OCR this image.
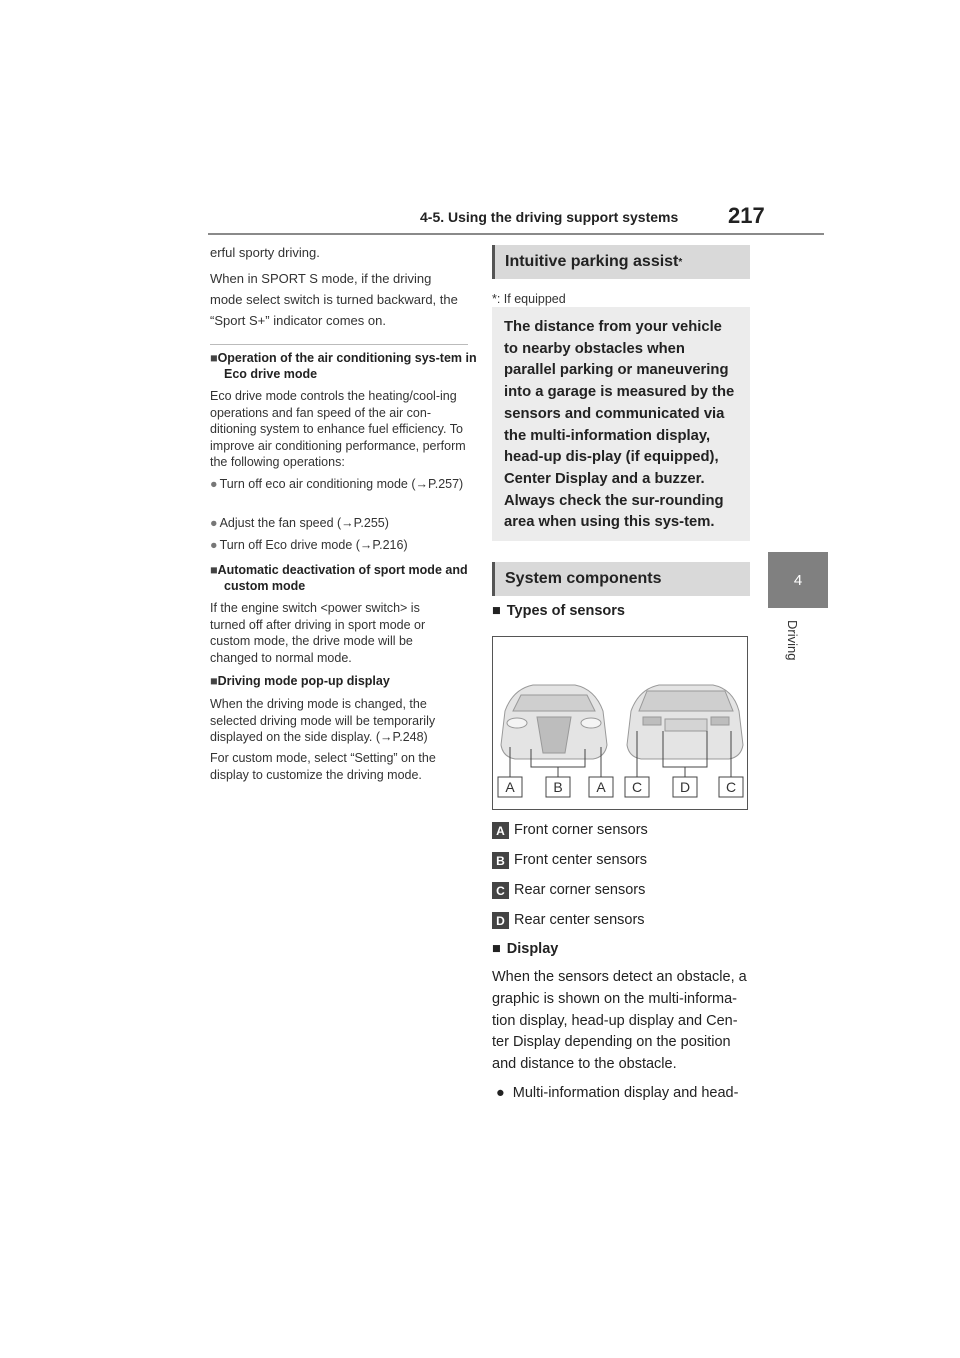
4-5. Using the driving support systems 217
4
Driving

erful sporty driving.

When in SPORT S mode, if the driving mode select switch is turned backward, the “Sport S+” indicator comes on.

■Operation of the air conditioning sys-tem in Eco drive mode

Eco drive mode controls the heating/cool-ing operations and fan speed of the air con-ditioning system to enhance fuel efficiency. To improve air conditioning performance, perform the following operations:

● Turn off eco air conditioning mode (→P.257)
● Adjust the fan speed (→P.255)
● Turn off Eco drive mode (→P.216)
■Automatic deactivation of sport mode and custom mode

If the engine switch <power switch> is turned off after driving in sport mode or custom mode, the drive mode will be changed to normal mode.

■Driving mode pop-up display

When the driving mode is changed, the selected driving mode will be temporarily displayed on the side display. (→P.248)

For custom mode, select “Setting” on the display to customize the driving mode.

Intuitive parking assist *
*: If equipped
The distance from your vehicle to nearby obstacles when parallel parking or maneuvering into a garage is measured by the sensors and communicated via the multi-information display, head-up dis-play (if equipped), Center Display and a buzzer. Always check the sur-rounding area when using this sys-tem.
System components
■ Types of sensors
A	B A C	D	C
A Front corner sensors
B Front center sensors
C Rear corner sensors
D Rear center sensors
■ Display
When the sensors detect an obstacle, a graphic is shown on the multi-informa-tion display, head-up display and Cen-ter Display depending on the position and distance to the obstacle.
● Multi-information display and head-
